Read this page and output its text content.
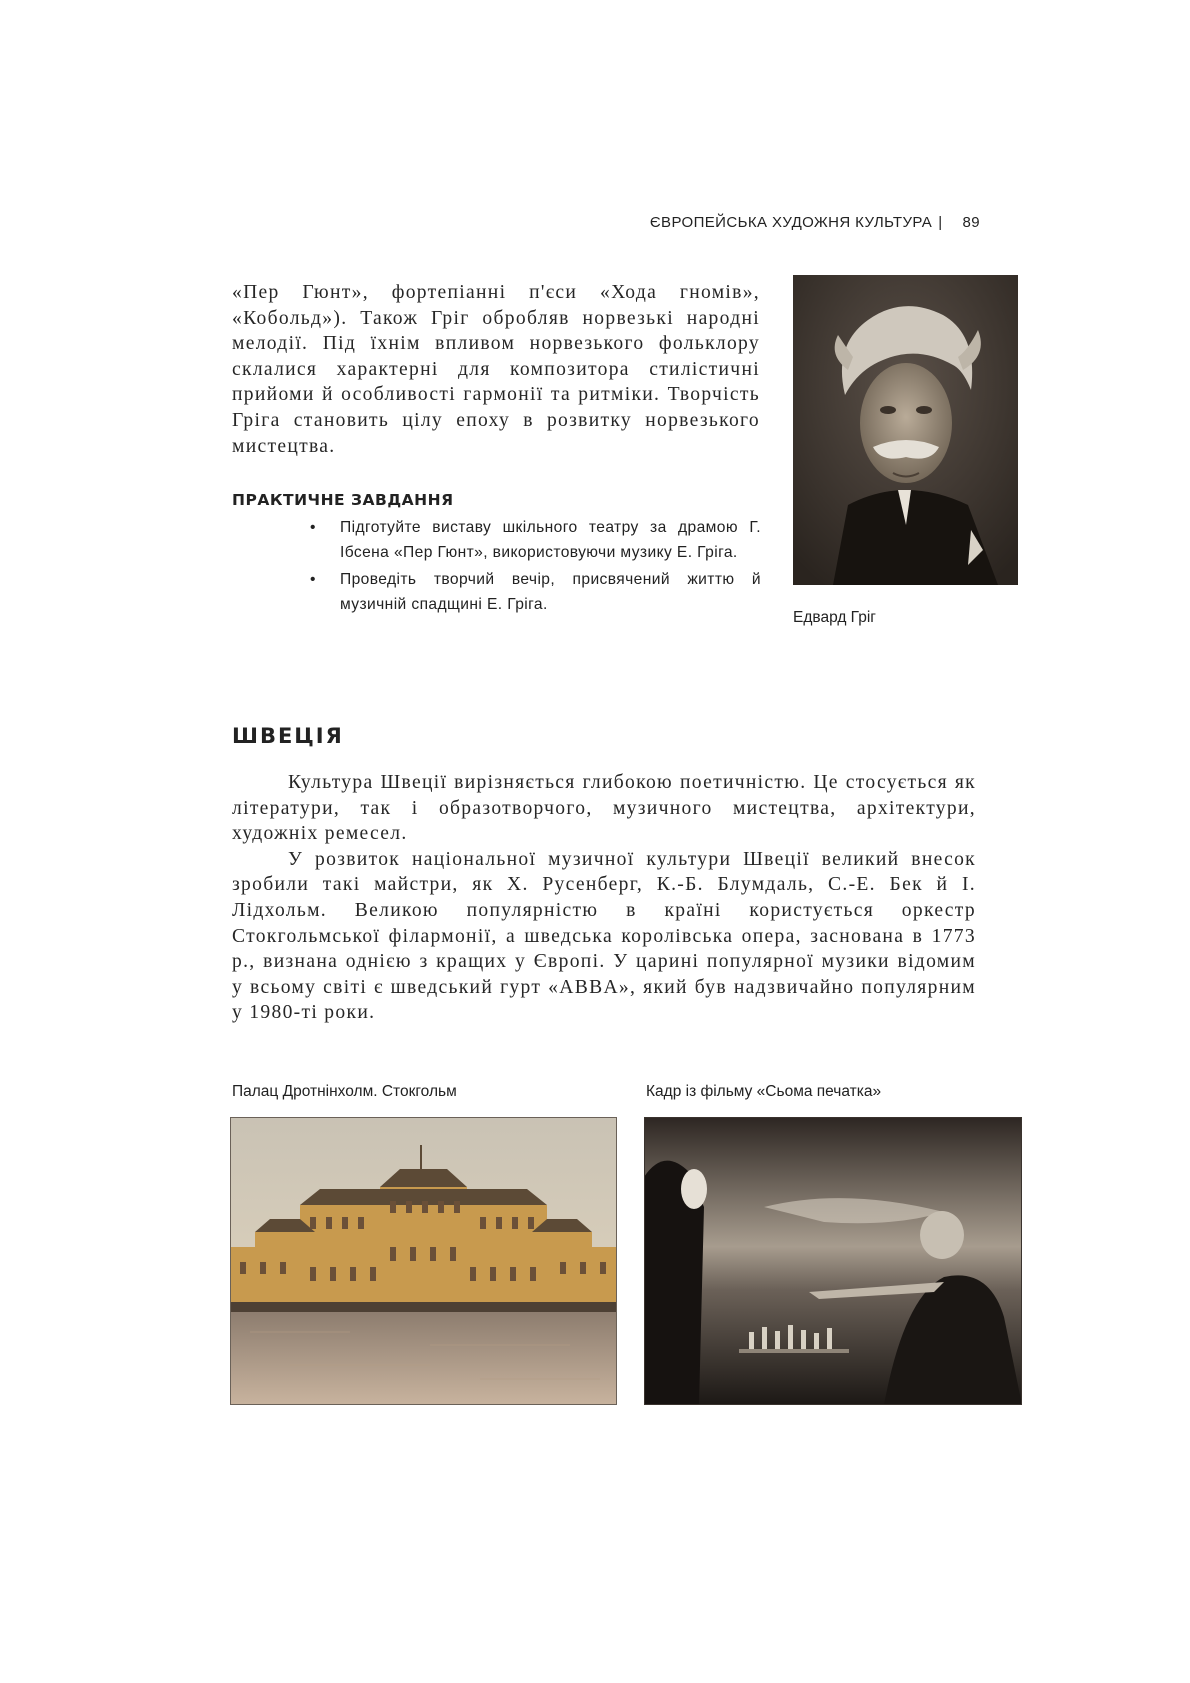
ЄВРОПЕЙСЬКА ХУДОЖНЯ КУЛЬТУРА | 89

«Пер Гюнт», фортепіанні п'єси «Хода гномів», «Кобольд»). Також Гріг обробляв норвезькі народні мелодії. Під їхнім впливом норвезького фольклору склалися характерні для композитора стилістичні прийоми й особливості гармонії та ритміки. Творчість Гріга становить цілу епоху в розвитку норвезького мистецтва.

Едвард Гріг
ПРАКТИЧНЕ ЗАВДАННЯ
• Підготуйте виставу шкільного театру за драмою Г. Ібсена «Пер Гюнт», використовуючи музику Е. Гріга.
• Проведіть творчий вечір, присвячений життю й музичній спадщині Е. Гріга.
ШВЕЦІЯ

Культура Швеції вирізняється глибокою поетичністю. Це стосується як літератури, так і образотворчого, музичного мистецтва, архітектури, художніх ремесел.

У розвиток національної музичної культури Швеції великий внесок зробили такі майстри, як Х. Русенберг, К.-Б. Блумдаль, С.-Е. Бек й І. Лідхольм. Великою популярністю в країні користується оркестр Стокгольмської філармонії, а шведська королівська опера, заснована в 1773 р., визнана однією з кращих у Європі. У царині популярної музики відомим у всьому світі є шведський гурт «ABBA», який був надзвичайно популярним у 1980-ті роки.

Палац Дротнінхолм. Стокгольм	Кадр із фільму «Сьома печатка»
